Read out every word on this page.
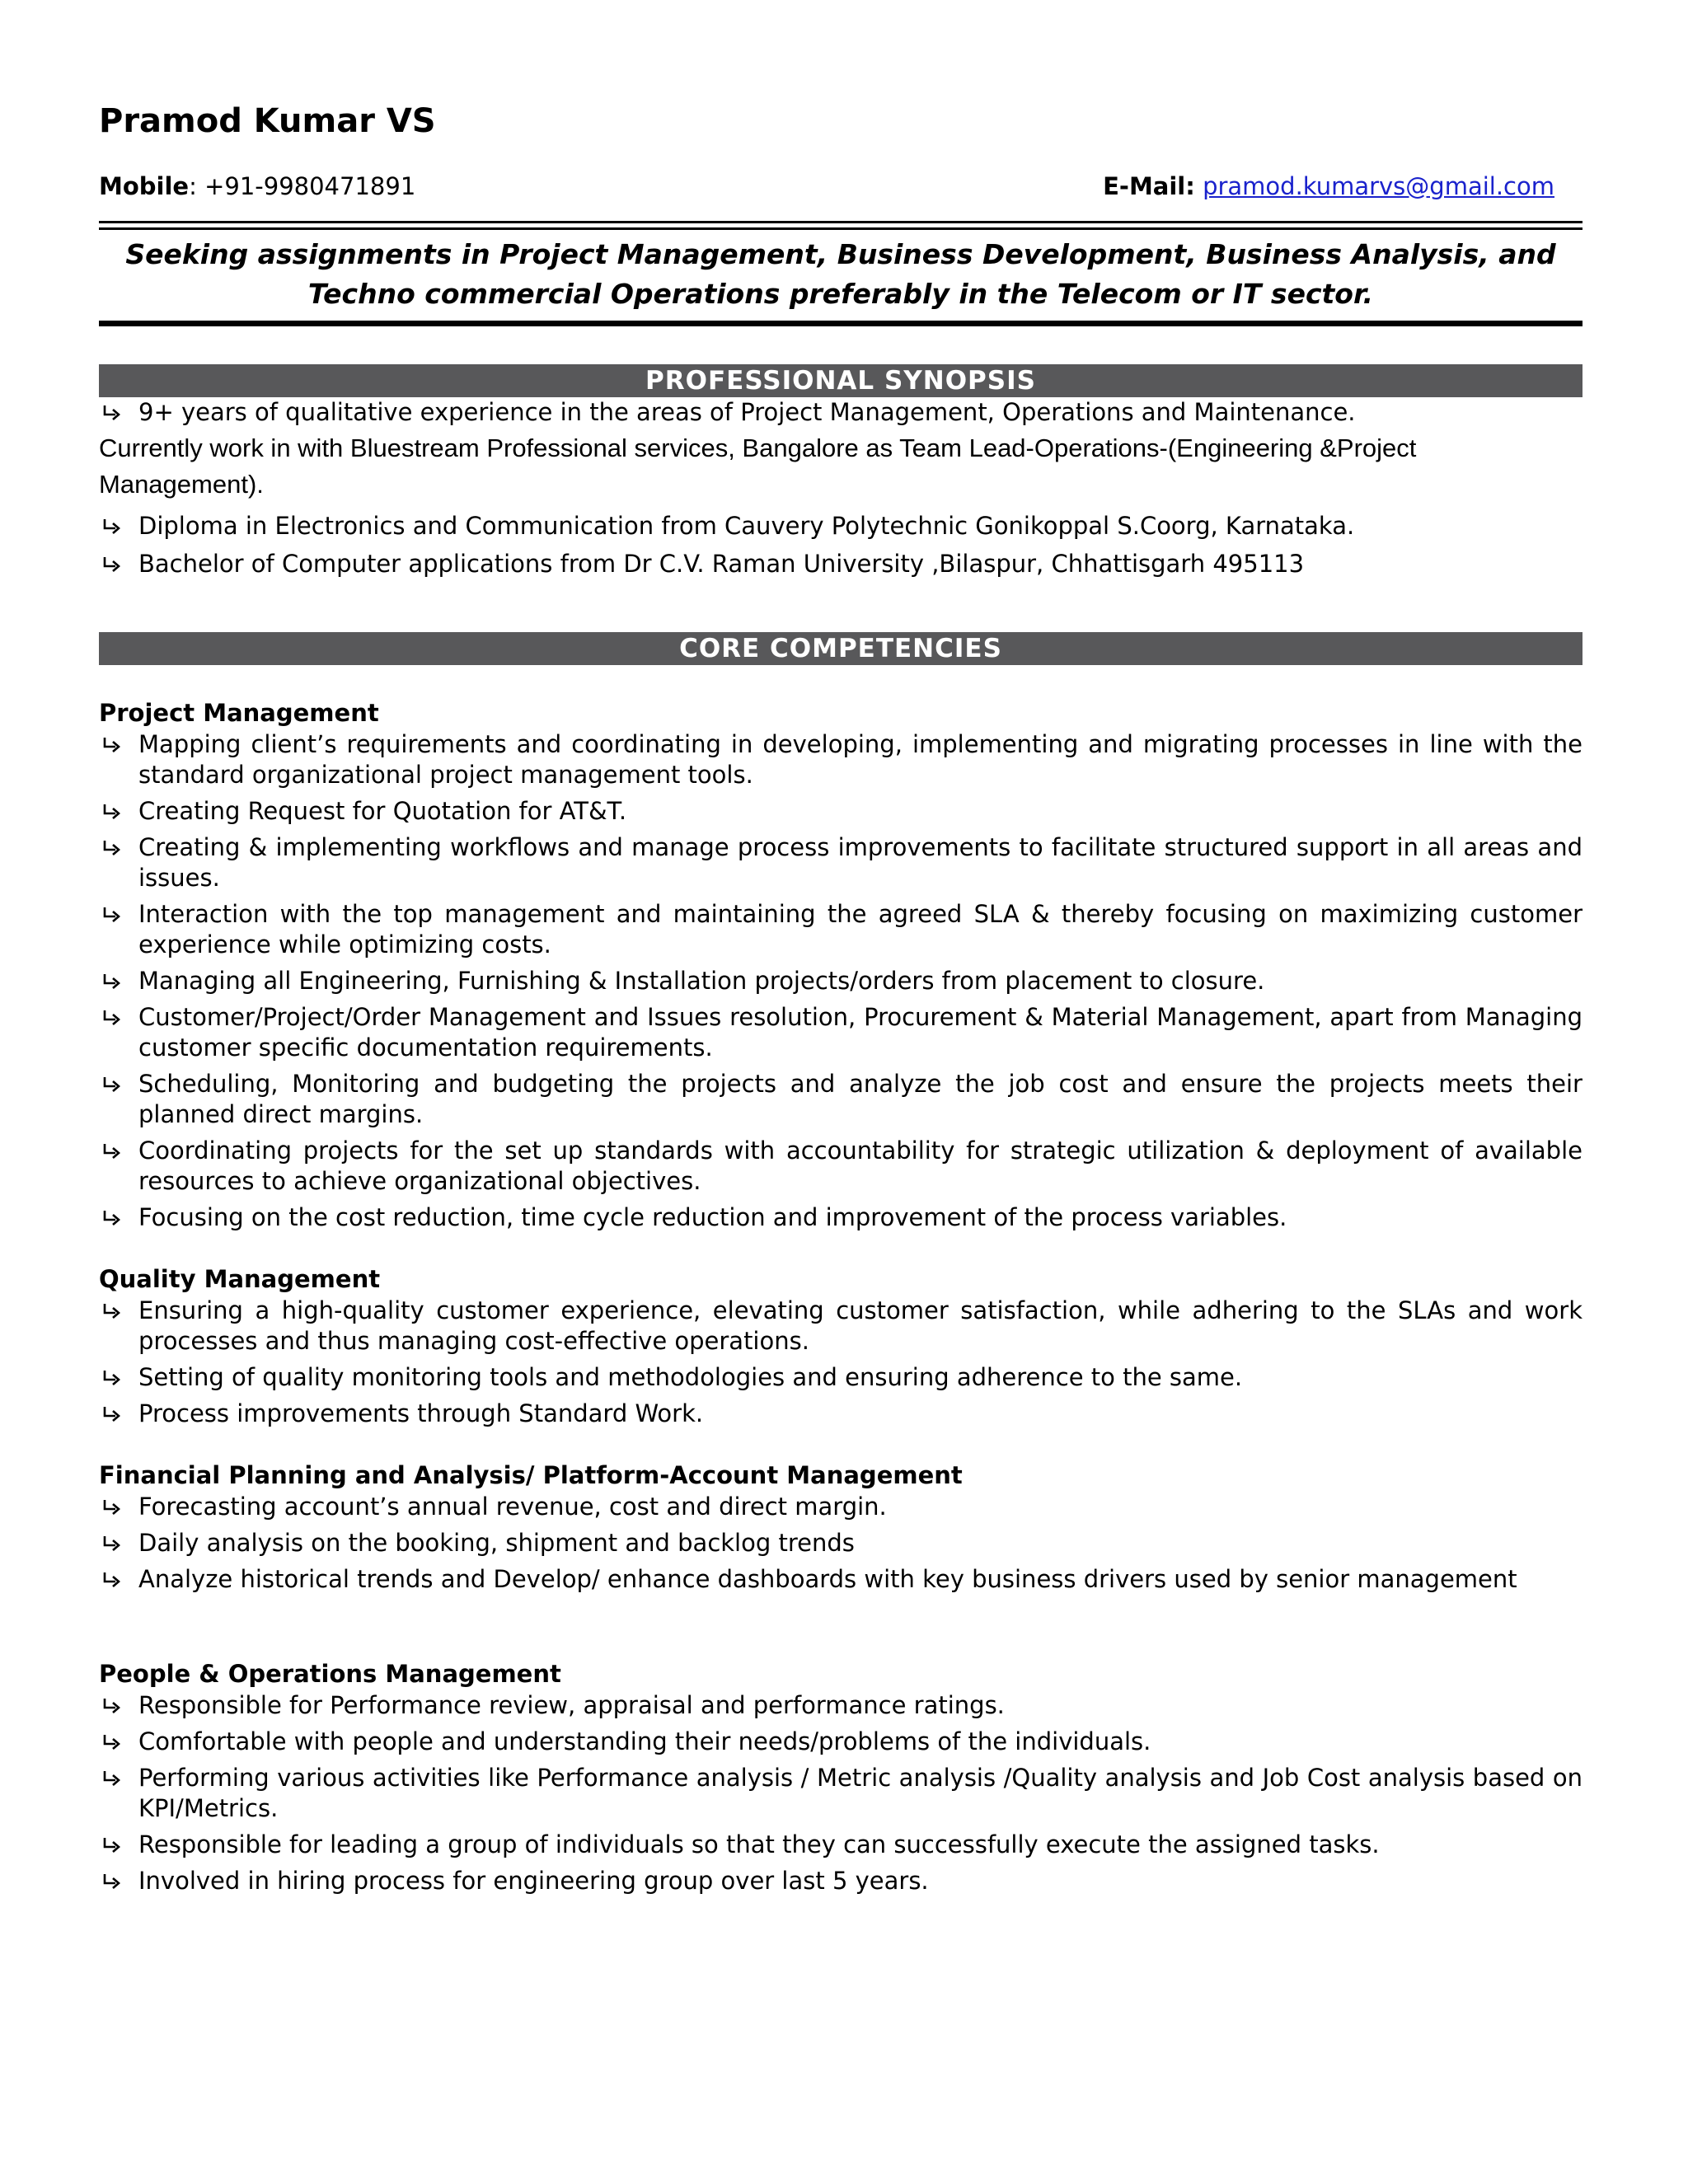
Pramod Kumar VS
Mobile: +91-9980471891	E-Mail: pramod.kumarvs@gmail.com

Seeking assignments in Project Management, Business Development, Business Analysis, and Techno commercial Operations preferably in the Telecom or IT sector.

PROFESSIONAL SYNOPSIS
9+ years of qualitative experience in the areas of Project Management, Operations and Maintenance.
Currently work in with Bluestream Professional services, Bangalore as Team Lead-Operations-(Engineering &Project Management).
Diploma in Electronics and Communication from Cauvery Polytechnic Gonikoppal S.Coorg, Karnataka.
Bachelor of Computer applications from Dr C.V. Raman University ,Bilaspur, Chhattisgarh 495113
CORE COMPETENCIES
Project Management
Mapping client’s requirements and coordinating in developing, implementing and migrating processes in line with the standard organizational project management tools.
Creating Request for Quotation for AT&T.
Creating & implementing workflows and manage process improvements to facilitate structured support in all areas and issues.
Interaction with the top management and maintaining the agreed SLA & thereby focusing on maximizing customer experience while optimizing costs.
Managing all Engineering, Furnishing & Installation projects/orders from placement to closure.
Customer/Project/Order Management and Issues resolution, Procurement & Material Management, apart from Managing customer specific documentation requirements.
Scheduling, Monitoring and budgeting the projects and analyze the job cost and ensure the projects meets their planned direct margins.
Coordinating projects for the set up standards with accountability for strategic utilization & deployment of available resources to achieve organizational objectives.
Focusing on the cost reduction, time cycle reduction and improvement of the process variables.
Quality Management
Ensuring a high-quality customer experience, elevating customer satisfaction, while adhering to the SLAs and work processes and thus managing cost-effective operations.
Setting of quality monitoring tools and methodologies and ensuring adherence to the same.
Process improvements through Standard Work.
Financial Planning and Analysis/ Platform-Account Management
Forecasting account’s annual revenue, cost and direct margin.
Daily analysis on the booking, shipment and backlog trends
Analyze historical trends and Develop/ enhance dashboards with key business drivers used by senior management
People & Operations Management
Responsible for Performance review, appraisal and performance ratings.
Comfortable with people and understanding their needs/problems of the individuals.
Performing various activities like Performance analysis / Metric analysis /Quality analysis and Job Cost analysis based on KPI/Metrics.
Responsible for leading a group of individuals so that they can successfully execute the assigned tasks.
Involved in hiring process for engineering group over last 5 years.
